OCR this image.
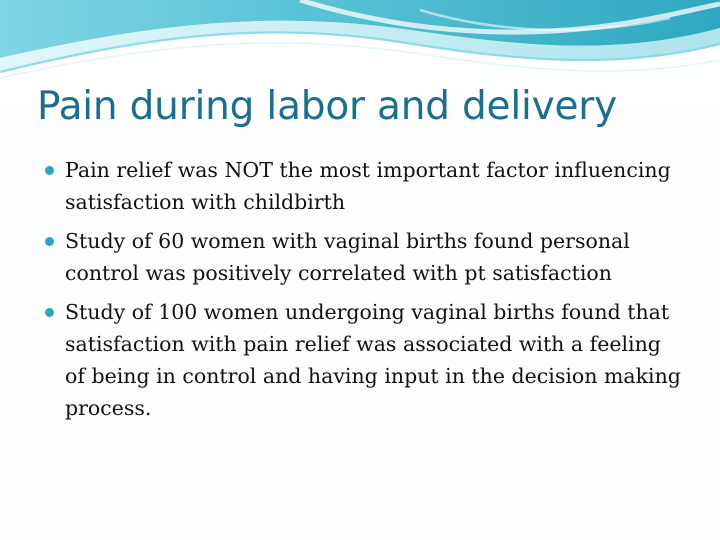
Pain during labor and delivery
Pain relief was NOT the most important factor influencing satisfaction with childbirth
Study of 60 women with vaginal births found personal control was positively correlated with pt satisfaction
Study of 100 women undergoing vaginal births found that satisfaction with pain relief was associated with a feeling of being in control and having input in the decision making process.
